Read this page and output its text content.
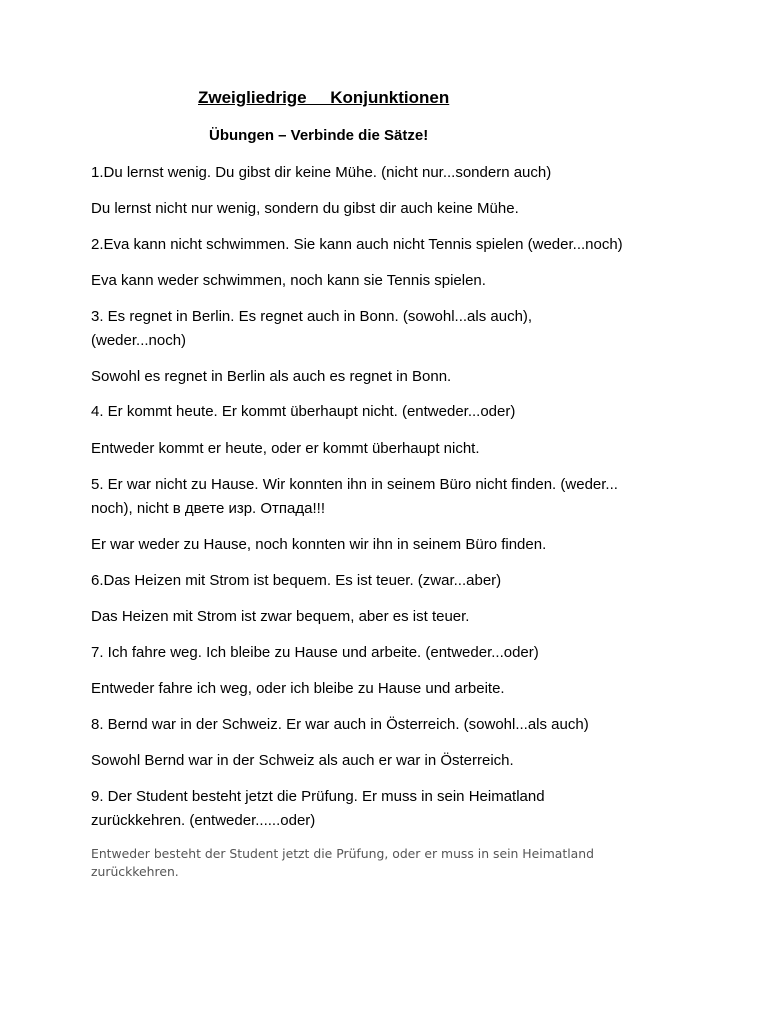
Zweigliedrige     Konjunktionen
Übungen – Verbinde die Sätze!
1.Du lernst wenig. Du gibst dir keine Mühe. (nicht nur...sondern auch)
Du lernst nicht nur wenig, sondern du gibst dir auch keine Mühe.
2.Eva kann nicht schwimmen. Sie kann auch nicht Tennis spielen (weder...noch)
Eva kann weder schwimmen, noch kann sie Tennis spielen.
3. Es regnet in Berlin. Es regnet auch in Bonn. (sowohl...als auch),
(weder...noch)
Sowohl es regnet in Berlin als auch es regnet in Bonn.
4. Er kommt heute. Er kommt überhaupt nicht. (entweder...oder)
Entweder kommt er heute, oder er kommt überhaupt nicht.
5. Er war nicht zu Hause. Wir konnten ihn in seinem Büro nicht finden. (weder...
noch), nicht в двете изр. Отпада!!!
Er war weder zu Hause, noch konnten wir ihn in seinem Büro finden.
6.Das Heizen mit Strom ist bequem. Es ist teuer. (zwar...aber)
Das Heizen mit Strom ist zwar bequem, aber es ist teuer.
7. Ich fahre weg. Ich bleibe zu Hause und arbeite. (entweder...oder)
Entweder fahre ich weg, oder ich bleibe zu Hause und arbeite.
8. Bernd war in der Schweiz. Er war auch in Österreich. (sowohl...als auch)
Sowohl Bernd war in der Schweiz als auch er war in Österreich.
9. Der Student besteht jetzt die Prüfung. Er muss in sein Heimatland
zurückkehren. (entweder......oder)
Entweder besteht der Student jetzt die Prüfung, oder er muss in sein Heimatland
zurückkehren.
